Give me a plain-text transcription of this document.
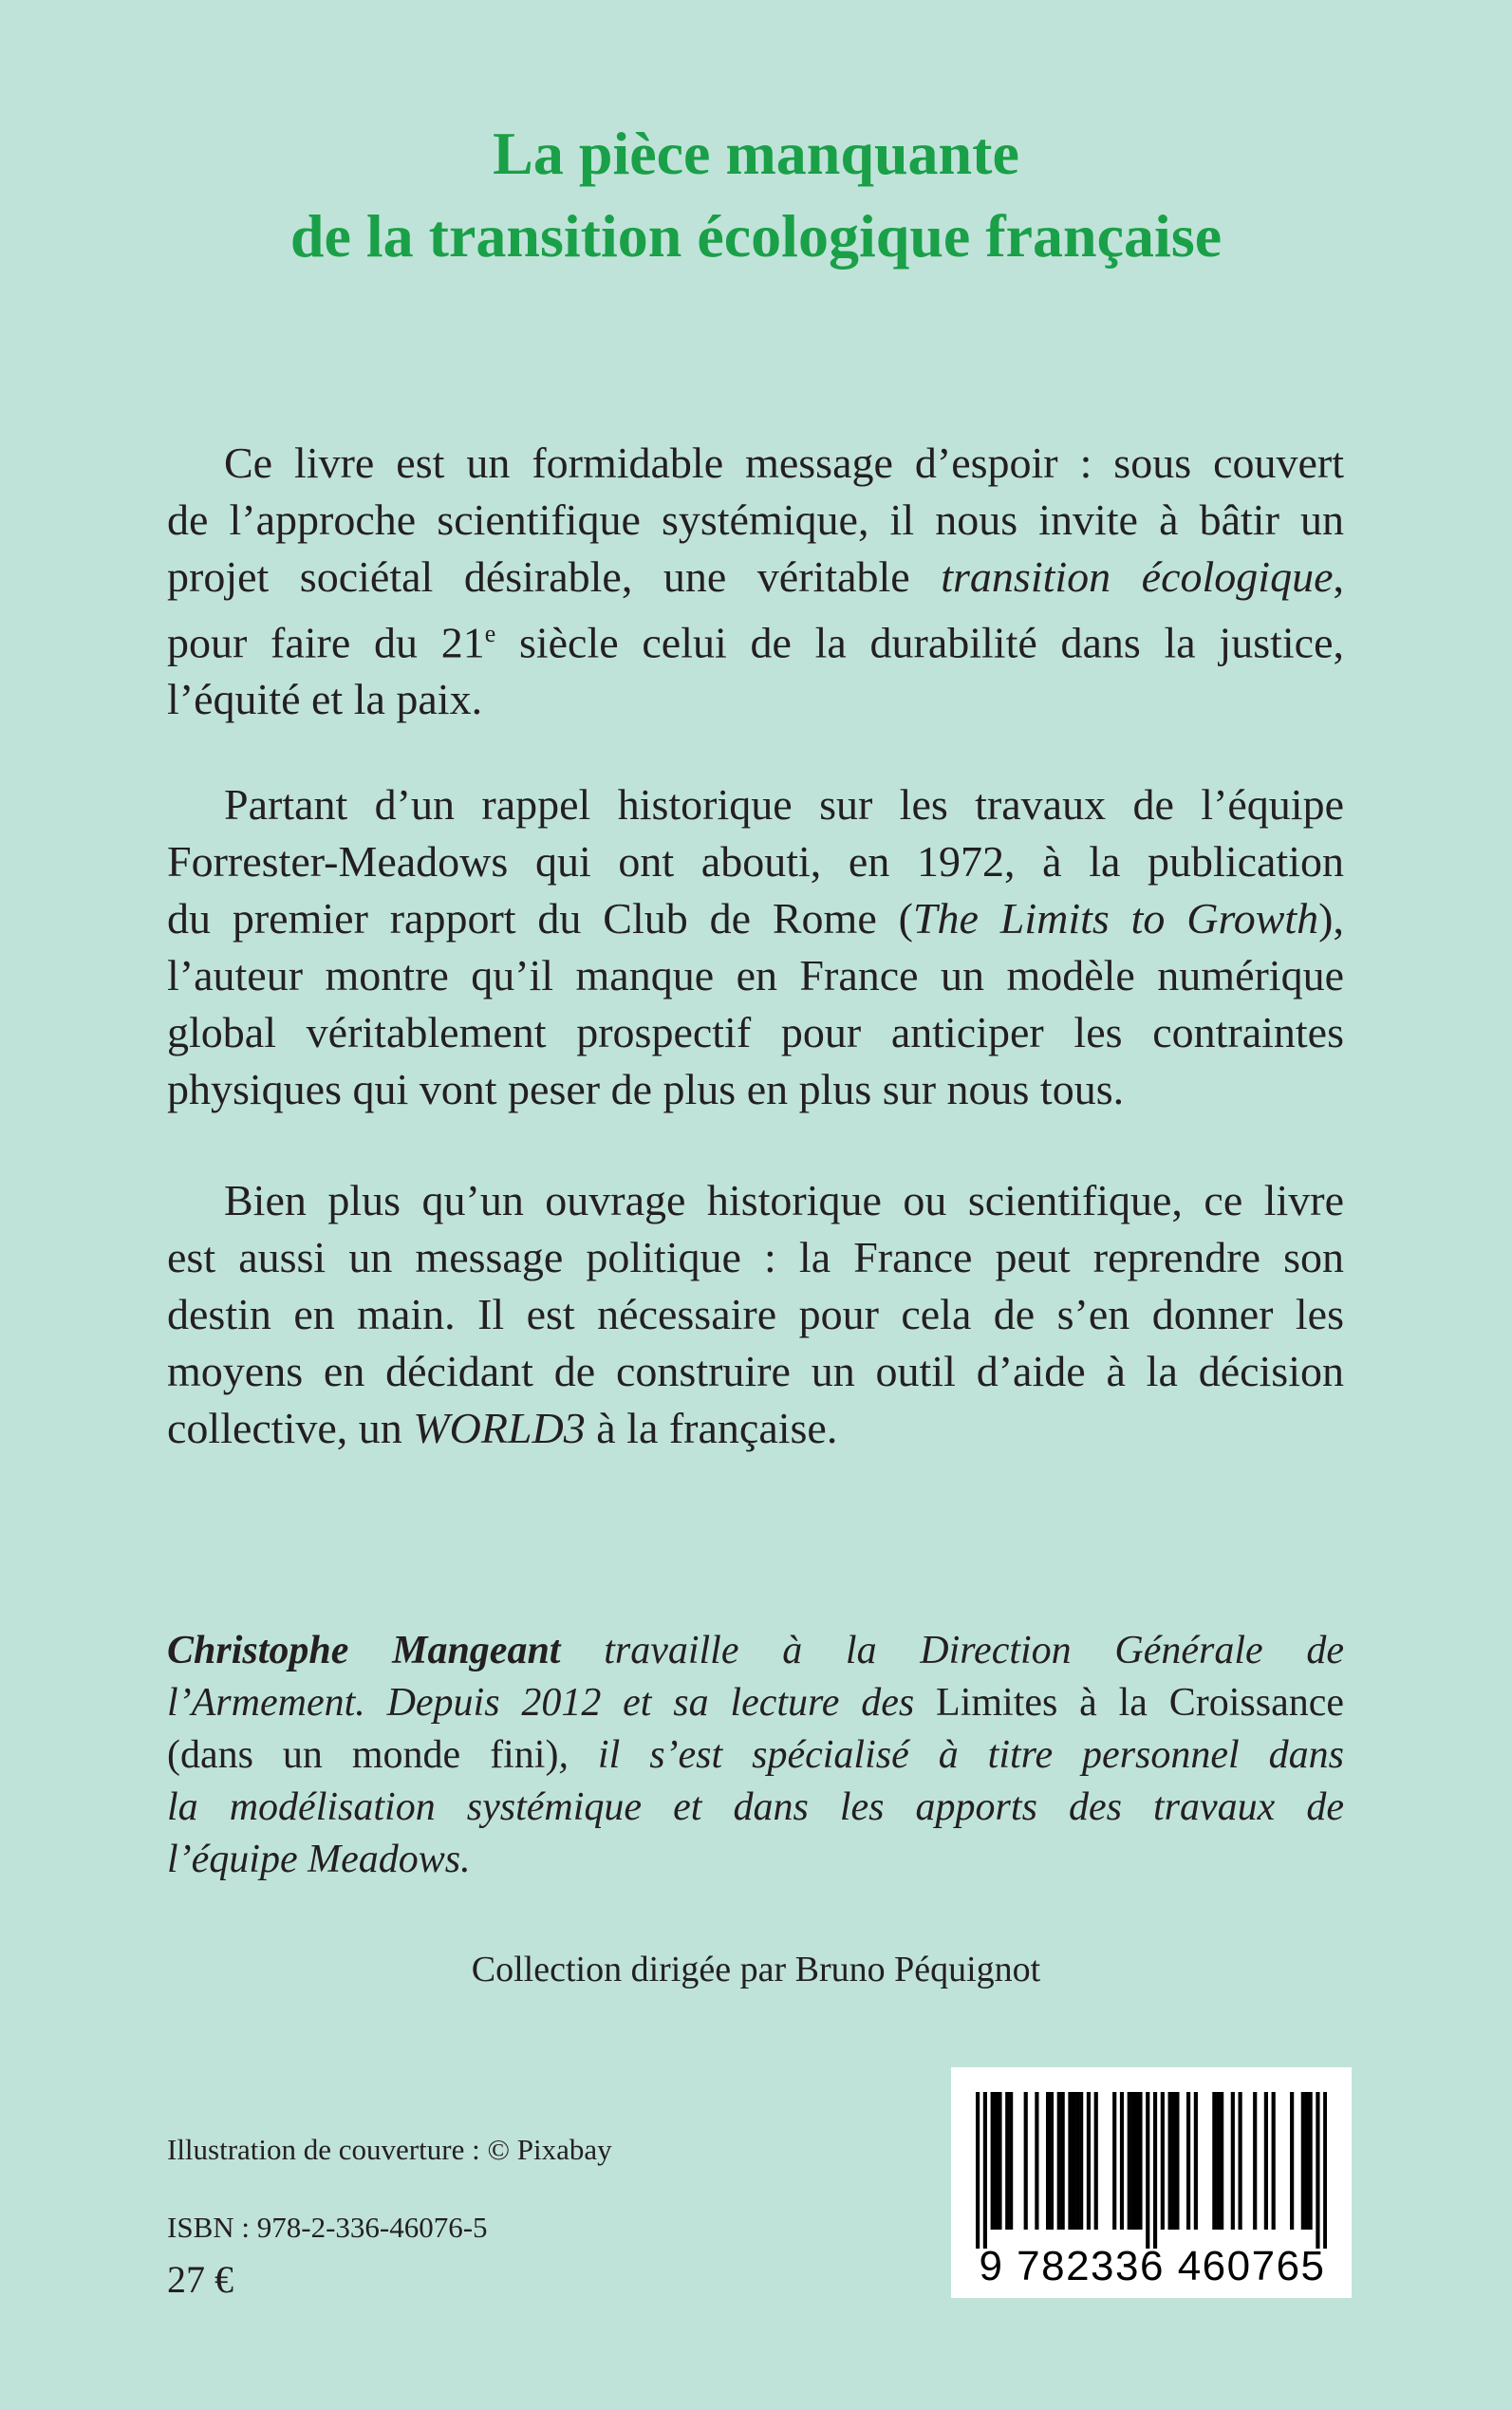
La pièce manquante
de la transition écologique française
Ce livre est un formidable message d’espoir : sous couvert
de l’approche scientifique systémique, il nous invite à bâtir un
projet sociétal désirable, une véritable transition écologique,
pour faire du 21e siècle celui de la durabilité dans la justice,
l’équité et la paix.
Partant d’un rappel historique sur les travaux de l’équipe
Forrester-Meadows qui ont abouti, en 1972, à la publication
du premier rapport du Club de Rome (The Limits to Growth),
l’auteur montre qu’il manque en France un modèle numérique
global véritablement prospectif pour anticiper les contraintes
physiques qui vont peser de plus en plus sur nous tous.
Bien plus qu’un ouvrage historique ou scientifique, ce livre
est aussi un message politique : la France peut reprendre son
destin en main. Il est nécessaire pour cela de s’en donner les
moyens en décidant de construire un outil d’aide à la décision
collective, un WORLD3 à la française.
Christophe Mangeant travaille à la Direction Générale de
l’Armement. Depuis 2012 et sa lecture des Limites à la Croissance
(dans un monde fini), il s’est spécialisé à titre personnel dans
la modélisation systémique et dans les apports des travaux de
l’équipe Meadows.
Collection dirigée par Bruno Péquignot
Illustration de couverture : © Pixabay
ISBN : 978-2-336-46076-5
27 €	9 782336 460765
